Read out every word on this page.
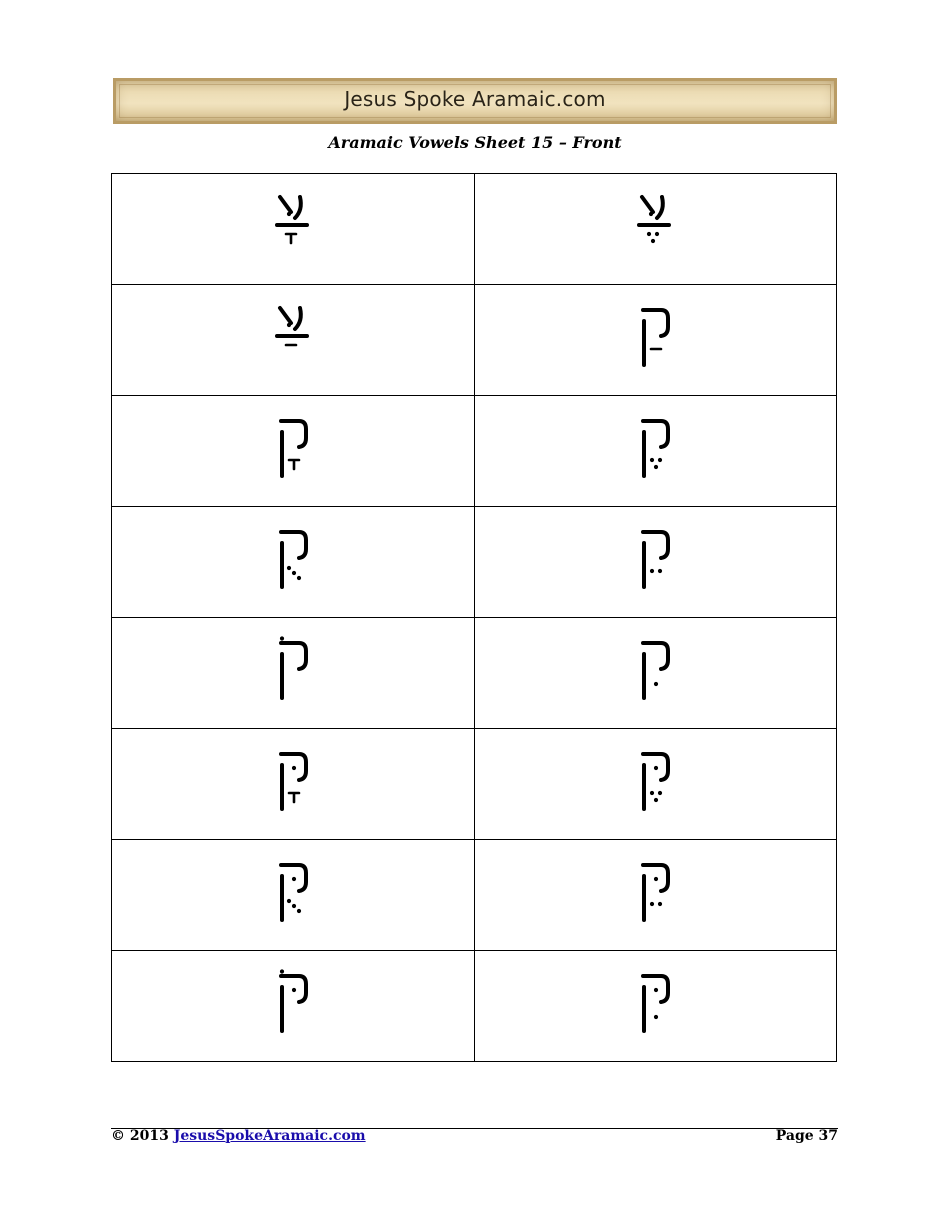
Jesus Spoke Aramaic.com
Aramaic Vowels Sheet 15 – Front

© 2013 JesusSpokeAramaic.com	Page 37
